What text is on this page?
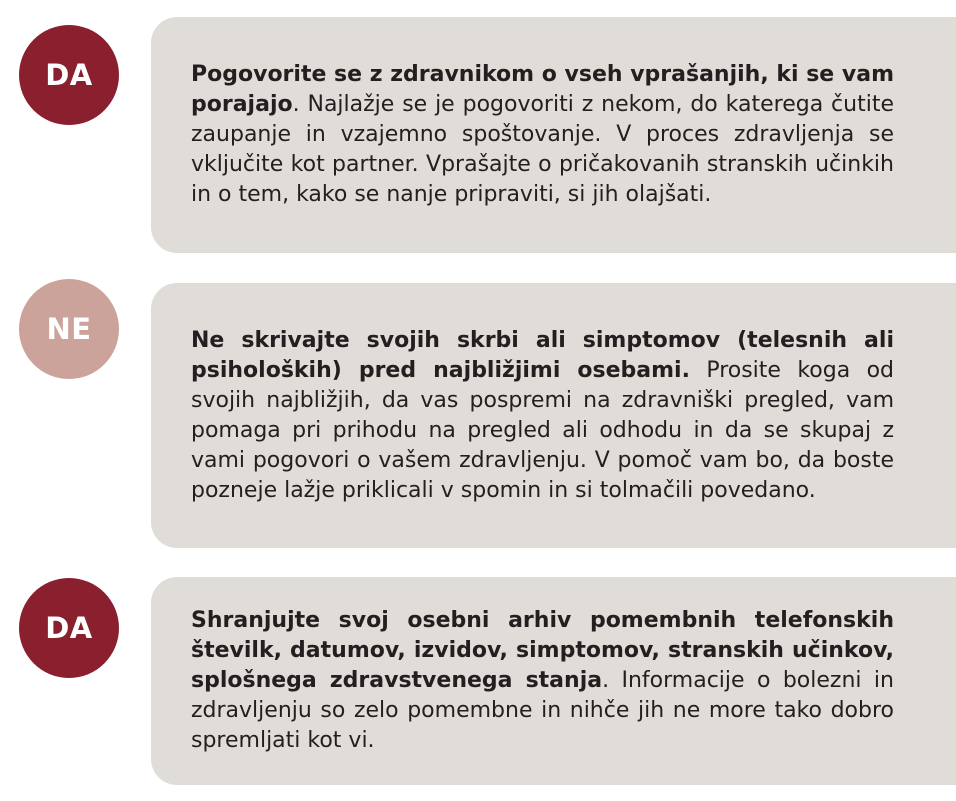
DA	Pogovorite se z zdravnikom o vseh vprašanjih, ki se vam porajajo. Najlažje se je pogovoriti z nekom, do katerega čutite zaupanje in vzajemno spoštovanje. V proces zdravljenja se vključite kot partner. Vprašajte o pričakovanih stranskih učinkih in o tem, kako se nanje pripraviti, si jih olajšati.

NE	Ne skrivajte svojih skrbi ali simptomov (telesnih ali psiholoških) pred najbližjimi osebami. Prosite koga od svojih najbližjih, da vas pospremi na zdravniški pregled, vam pomaga pri prihodu na pregled ali odhodu in da se skupaj z vami pogovori o vašem zdravljenju. V pomoč vam bo, da boste pozneje lažje priklicali v spomin in si tolmačili povedano.

DA	Shranjujte svoj osebni arhiv pomembnih telefonskih številk, datumov, izvidov, simptomov, stranskih učinkov, splošnega zdravstvenega stanja. Informacije o bolezni in zdravljenju so zelo pomembne in nihče jih ne more tako dobro spremljati kot vi.
